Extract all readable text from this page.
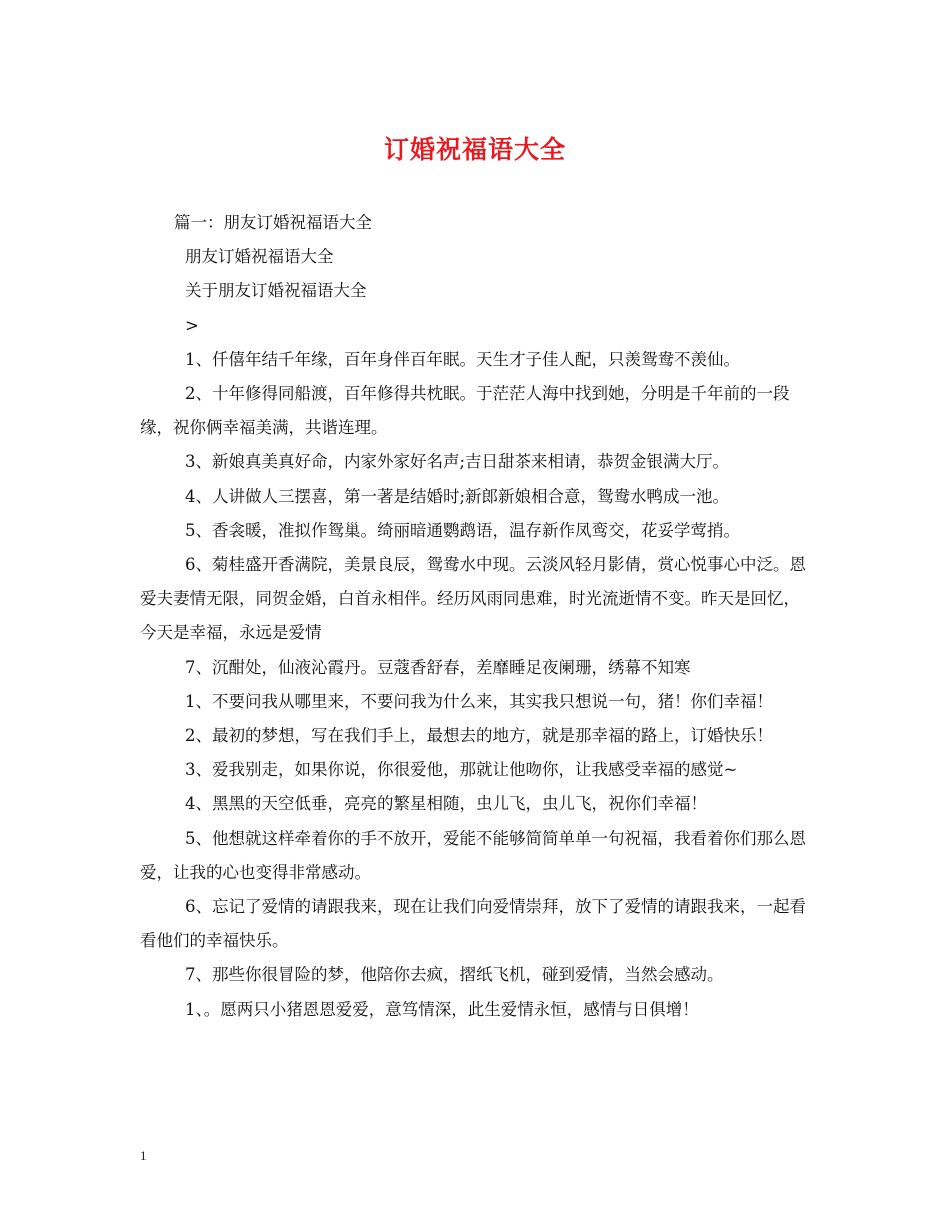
订婚祝福语大全

篇一：朋友订婚祝福语大全

朋友订婚祝福语大全

关于朋友订婚祝福语大全

>

1、仟僖年结千年缘，百年身伴百年眠。天生才子佳人配，只羡鸳鸯不羡仙。

2、十年修得同船渡，百年修得共枕眠。于茫茫人海中找到她，分明是千年前的一段缘，祝你俩幸福美满，共谐连理。

3、新娘真美真好命，内家外家好名声;吉日甜茶来相请，恭贺金银满大厅。

4、人讲做人三摆喜，第一著是结婚时;新郎新娘相合意，鸳鸯水鸭成一池。

5、香衾暖，准拟作鸳巢。绮丽暗通鹦鹉语，温存新作凤鸾交，花妥学莺捎。

6、菊桂盛开香满院，美景良辰，鸳鸯水中现。云淡风轻月影倩，赏心悦事心中泛。恩爱夫妻情无限，同贺金婚，白首永相伴。经历风雨同患难，时光流逝情不变。昨天是回忆，今天是幸福，永远是爱情

7、沉酣处，仙液沁霞丹。豆蔻香舒春，差靡睡足夜阑珊，绣幕不知寒

1、不要问我从哪里来，不要问我为什么来，其实我只想说一句，猪！你们幸福！

2、最初的梦想，写在我们手上，最想去的地方，就是那幸福的路上，订婚快乐！

3、爱我别走，如果你说，你很爱他，那就让他吻你，让我感受幸福的感觉~

4、黑黑的天空低垂，亮亮的繁星相随，虫儿飞，虫儿飞，祝你们幸福！

5、他想就这样牵着你的手不放开，爱能不能够简简单单一句祝福，我看着你们那么恩爱，让我的心也变得非常感动。

6、忘记了爱情的请跟我来，现在让我们向爱情崇拜，放下了爱情的请跟我来，一起看看他们的幸福快乐。

7、那些你很冒险的梦，他陪你去疯，摺纸飞机，碰到爱情，当然会感动。

1、。愿两只小猪恩恩爱爱，意笃情深，此生爱情永恒，感情与日俱增！

1
